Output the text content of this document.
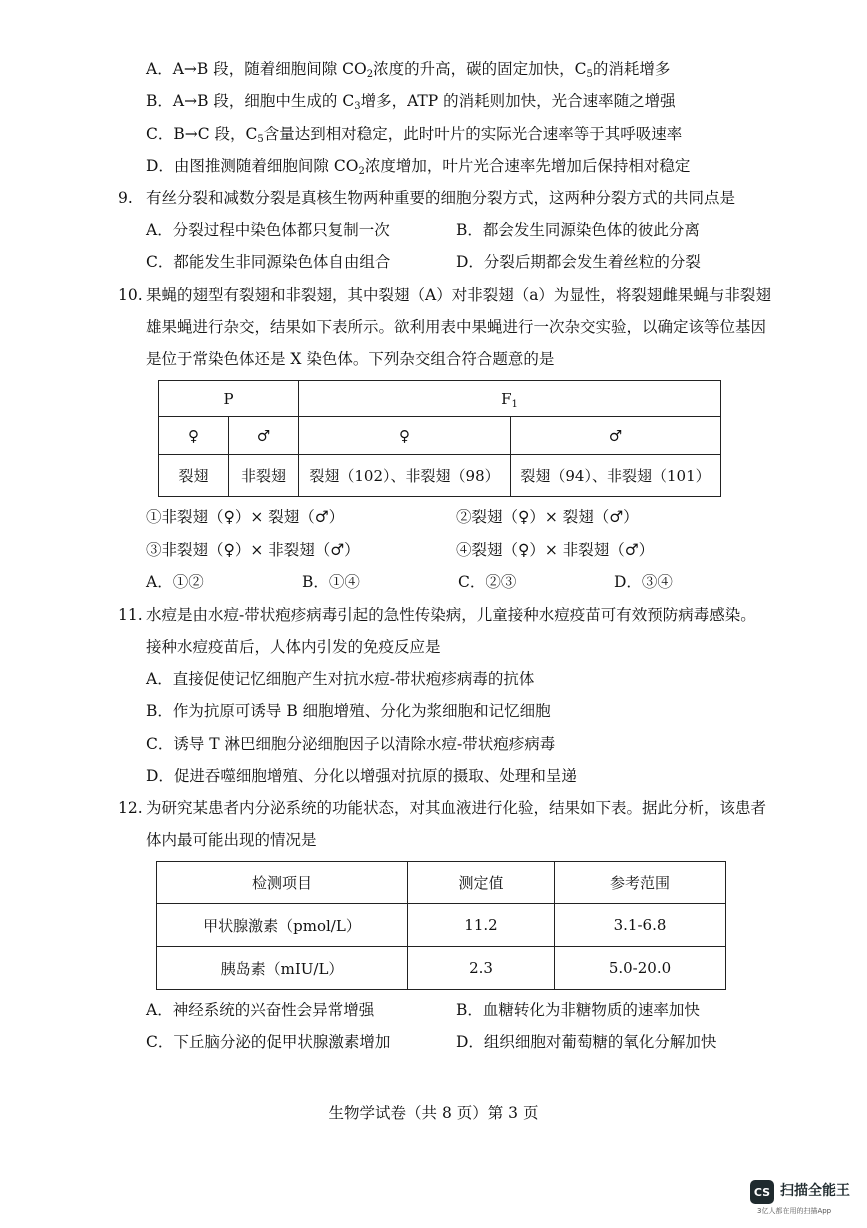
A．A→B 段，随着细胞间隙 $CO_2$浓度的升高，碳的固定加快，$C_5$的消耗增多
B．A→B 段，细胞中生成的 $C_3$增多，ATP 的消耗则加快，光合速率随之增强
C．B→C 段，$C_5$含量达到相对稳定，此时叶片的实际光合速率等于其呼吸速率
D．由图推测随着细胞间隙 $CO_2$浓度增加，叶片光合速率先增加后保持相对稳定
9. 有丝分裂和减数分裂是真核生物两种重要的细胞分裂方式，这两种分裂方式的共同点是
A．分裂过程中染色体都只复制一次	B．都会发生同源染色体的彼此分离
C．都能发生非同源染色体自由组合	D．分裂后期都会发生着丝粒的分裂
10. 果蝇的翅型有裂翅和非裂翅，其中裂翅（A）对非裂翅（a）为显性，将裂翅雌果蝇与非裂翅
雄果蝇进行杂交，结果如下表所示。欲利用表中果蝇进行一次杂交实验，以确定该等位基因
是位于常染色体还是 X 染色体。下列杂交组合符合题意的是
P		$F_1$
♀	♂	♀	♂
裂翅	非裂翅	裂翅（102）、非裂翅（98）	裂翅（94）、非裂翅（101）
①非裂翅（♀）× 裂翅（♂）	②裂翅（♀）× 裂翅（♂）
③非裂翅（♀）× 非裂翅（♂）	④裂翅（♀）× 非裂翅（♂）
A．①②	B．①④	C．②③	D．③④
11. 水痘是由水痘-带状疱疹病毒引起的急性传染病，儿童接种水痘疫苗可有效预防病毒感染。
接种水痘疫苗后，人体内引发的免疫反应是
A．直接促使记忆细胞产生对抗水痘-带状疱疹病毒的抗体
B．作为抗原可诱导 B 细胞增殖、分化为浆细胞和记忆细胞
C．诱导 T 淋巴细胞分泌细胞因子以清除水痘-带状疱疹病毒
D．促进吞噬细胞增殖、分化以增强对抗原的摄取、处理和呈递
12. 为研究某患者内分泌系统的功能状态，对其血液进行化验，结果如下表。据此分析，该患者
体内最可能出现的情况是
检测项目	测定值	参考范围
甲状腺激素（pmol/L）	11.2	3.1-6.8
胰岛素（mIU/L）	2.3	5.0-20.0
A．神经系统的兴奋性会异常增强	B．血糖转化为非糖物质的速率加快
C．下丘脑分泌的促甲状腺激素增加	D．组织细胞对葡萄糖的氧化分解加快
生物学试卷（共 8 页）第 3 页
CS 扫描全能王
3亿人都在用的扫描App
